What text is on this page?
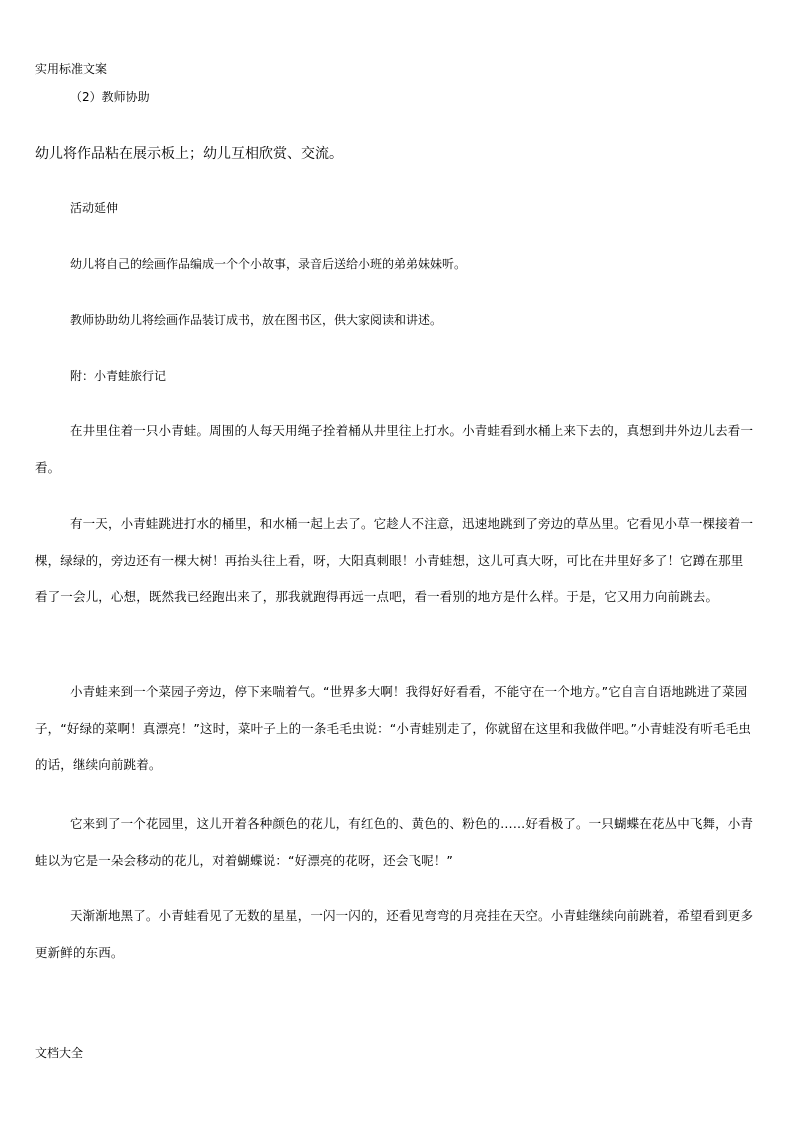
实用标准文案
（2）教师协助
幼儿将作品粘在展示板上；幼儿互相欣赏、交流。
活动延伸
幼儿将自己的绘画作品编成一个个小故事，录音后送给小班的弟弟妹妹听。
教师协助幼儿将绘画作品装订成书，放在图书区，供大家阅读和讲述。
附：小青蛙旅行记
在井里住着一只小青蛙。周围的人每天用绳子拴着桶从井里往上打水。小青蛙看到水桶上来下去的，真想到井外边儿去看一看。
有一天，小青蛙跳进打水的桶里，和水桶一起上去了。它趁人不注意，迅速地跳到了旁边的草丛里。它看见小草一棵接着一棵，绿绿的，旁边还有一棵大树！再抬头往上看，呀，大阳真刺眼！小青蛙想，这儿可真大呀，可比在井里好多了！它蹲在那里看了一会儿，心想，既然我已经跑出来了，那我就跑得再远一点吧，看一看别的地方是什么样。于是，它又用力向前跳去。
小青蛙来到一个菜园子旁边，停下来喘着气。“世界多大啊！我得好好看看，不能守在一个地方。”它自言自语地跳进了菜园子，“好绿的菜啊！真漂亮！”这时，菜叶子上的一条毛毛虫说：“小青蛙别走了，你就留在这里和我做伴吧。”小青蛙没有听毛毛虫的话，继续向前跳着。
它来到了一个花园里，这儿开着各种颜色的花儿，有红色的、黄色的、粉色的……好看极了。一只蝴蝶在花丛中飞舞，小青蛙以为它是一朵会移动的花儿，对着蝴蝶说：“好漂亮的花呀，还会飞呢！”
天渐渐地黑了。小青蛙看见了无数的星星，一闪一闪的，还看见弯弯的月亮挂在天空。小青蛙继续向前跳着，希望看到更多更新鲜的东西。
文档大全
